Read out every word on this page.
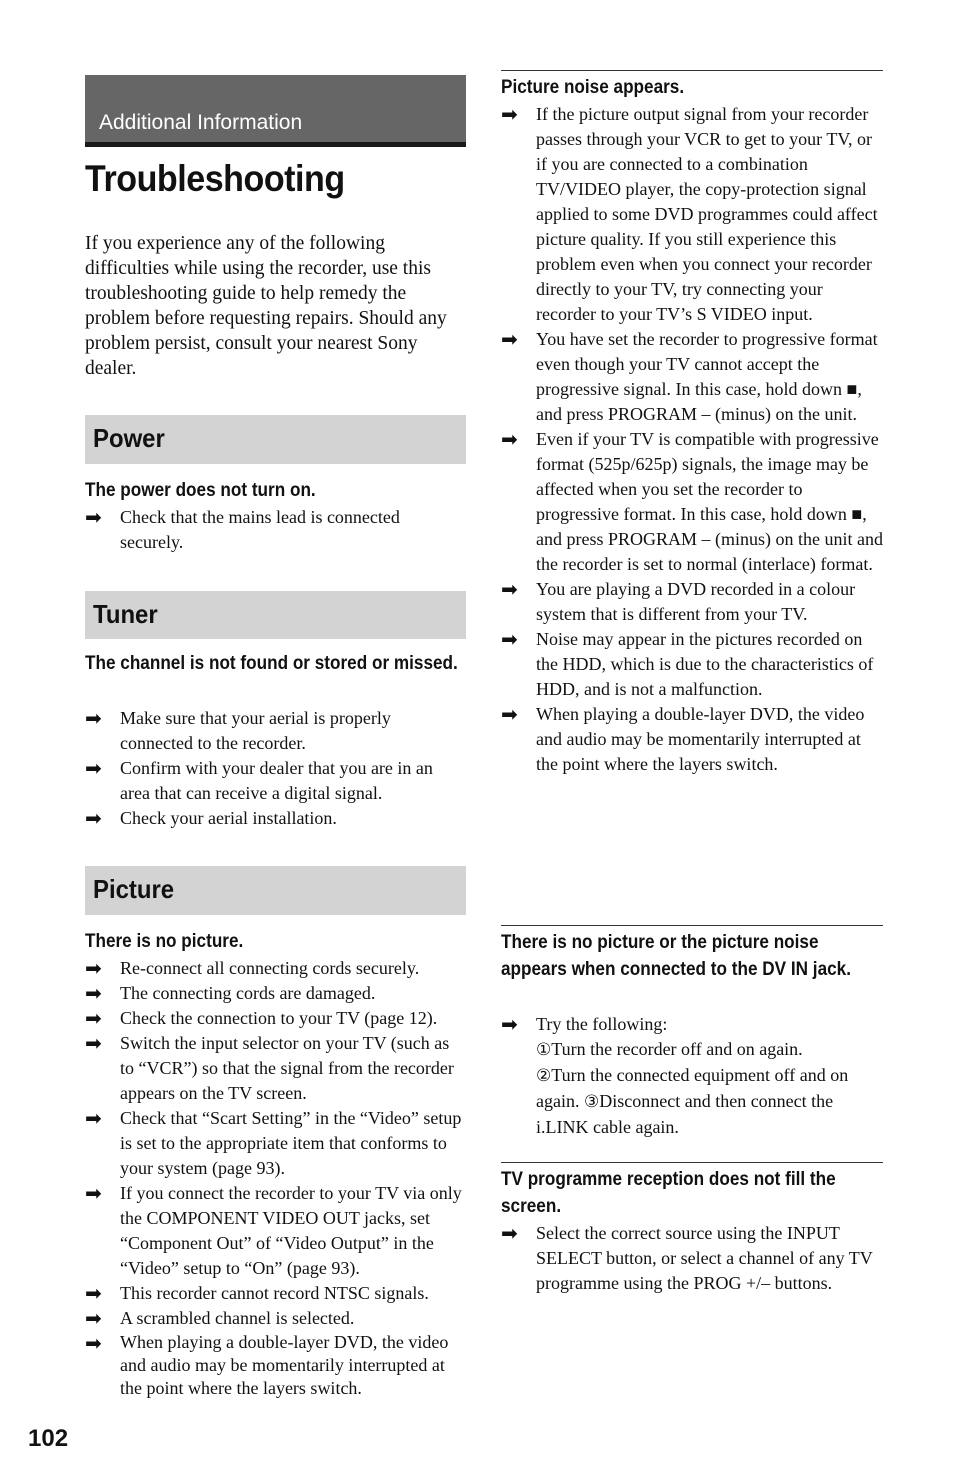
Additional Information
Troubleshooting

If you experience any of the following difficulties while using the recorder, use this troubleshooting guide to help remedy the problem before requesting repairs. Should any problem persist, consult your nearest Sony dealer.

Power
The power does not turn on.
➡ Check that the mains lead is connected securely.
Tuner
The channel is not found or stored or missed.
➡ Make sure that your aerial is properly connected to the recorder.
➡ Confirm with your dealer that you are in an area that can receive a digital signal.
➡ Check your aerial installation.
Picture
There is no picture.
➡ Re-connect all connecting cords securely.
➡ The connecting cords are damaged.
➡ Check the connection to your TV (page 12).
➡ Switch the input selector on your TV (such as to “VCR”) so that the signal from the recorder appears on the TV screen.
➡ Check that “Scart Setting” in the “Video” setup is set to the appropriate item that conforms to your system (page 93).
➡ If you connect the recorder to your TV via only the COMPONENT VIDEO OUT jacks, set “Component Out” of “Video Output” in the “Video” setup to “On” (page 93).
➡ This recorder cannot record NTSC signals.
➡ A scrambled channel is selected.
➡ When playing a double-layer DVD, the video and audio may be momentarily interrupted at the point where the layers switch.
Picture noise appears.
➡ If the picture output signal from your recorder passes through your VCR to get to your TV, or if you are connected to a combination TV/VIDEO player, the copy-protection signal applied to some DVD programmes could affect picture quality. If you still experience this problem even when you connect your recorder directly to your TV, try connecting your recorder to your TV’s S VIDEO input.
➡ You have set the recorder to progressive format even though your TV cannot accept the progressive signal. In this case, hold down ■, and press PROGRAM – (minus) on the unit.
➡ Even if your TV is compatible with progressive format (525p/625p) signals, the image may be affected when you set the recorder to progressive format. In this case, hold down ■, and press PROGRAM – (minus) on the unit and the recorder is set to normal (interlace) format.
➡ You are playing a DVD recorded in a colour system that is different from your TV.
➡ Noise may appear in the pictures recorded on the HDD, which is due to the characteristics of HDD, and is not a malfunction.
➡ When playing a double-layer DVD, the video and audio may be momentarily interrupted at the point where the layers switch.
There is no picture or the picture noise appears when connected to the DV IN jack.
➡ Try the following:
①Turn the recorder off and on again.
②Turn the connected equipment off and on again. ③Disconnect and then connect the i.LINK cable again.
TV programme reception does not fill the screen.
➡ Select the correct source using the INPUT SELECT button, or select a channel of any TV programme using the PROG +/– buttons.
102
